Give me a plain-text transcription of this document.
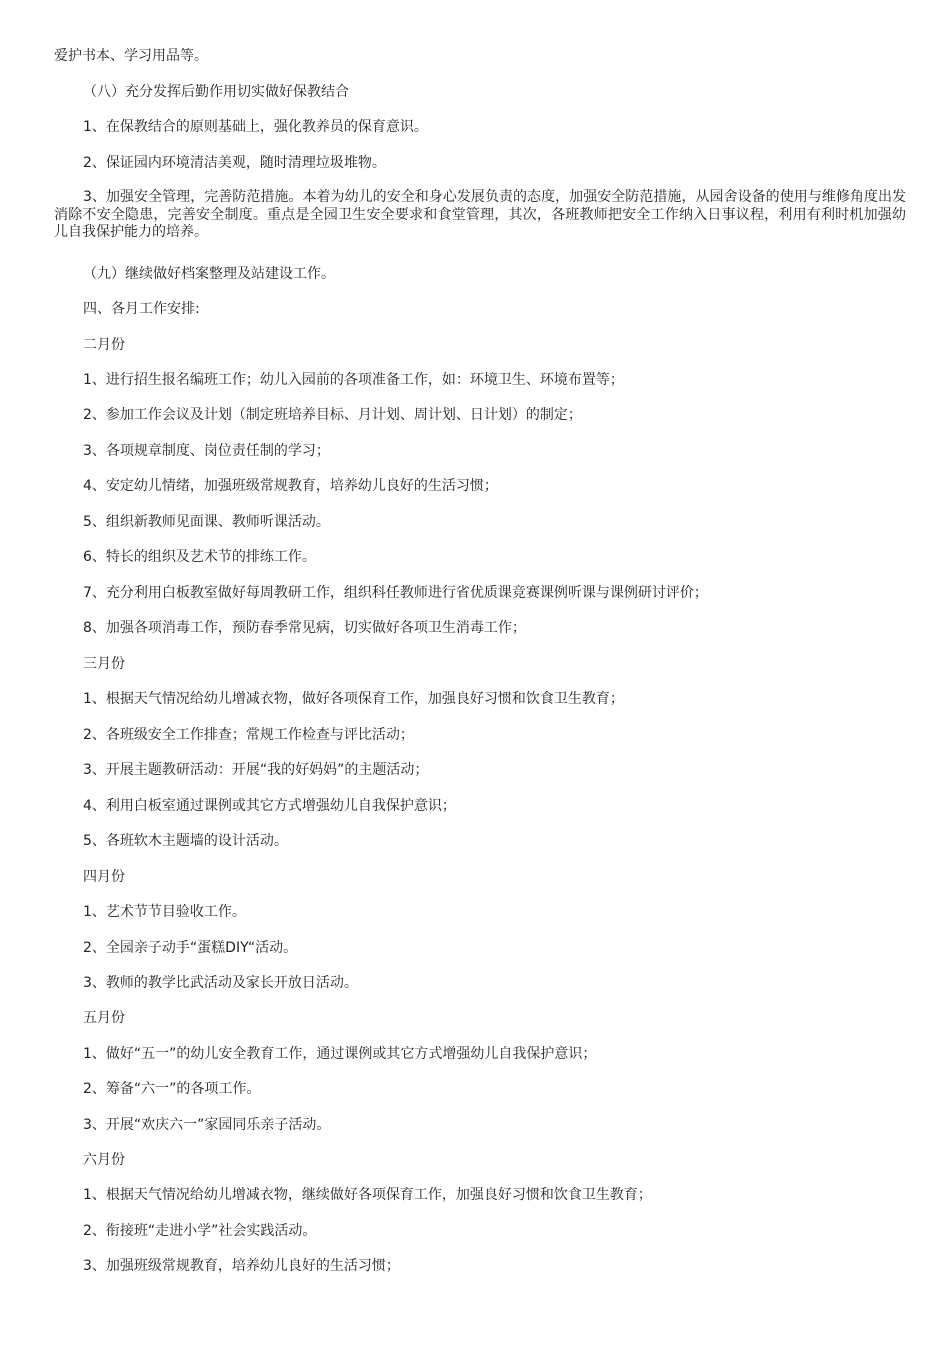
爱护书本、学习用品等。

（八）充分发挥后勤作用切实做好保教结合

1、在保教结合的原则基础上，强化教养员的保育意识。

2、保证园内环境清洁美观，随时清理垃圾堆物。

3、加强安全管理，完善防范措施。本着为幼儿的安全和身心发展负责的态度，加强安全防范措施，从园舍设备的使用与维修角度出发消除不安全隐患，完善安全制度。重点是全园卫生安全要求和食堂管理，其次，各班教师把安全工作纳入日事议程，利用有利时机加强幼儿自我保护能力的培养。

（九）继续做好档案整理及站建设工作。

四、各月工作安排:

二月份

1、进行招生报名编班工作；幼儿入园前的各项准备工作，如：环境卫生、环境布置等；

2、参加工作会议及计划（制定班培养目标、月计划、周计划、日计划）的制定；

3、各项规章制度、岗位责任制的学习；

4、安定幼儿情绪，加强班级常规教育，培养幼儿良好的生活习惯；

5、组织新教师见面课、教师听课活动。

6、特长的组织及艺术节的排练工作。

7、充分利用白板教室做好每周教研工作，组织科任教师进行省优质课竞赛课例听课与课例研讨评价；

8、加强各项消毒工作，预防春季常见病，切实做好各项卫生消毒工作；

三月份

1、根据天气情况给幼儿增减衣物，做好各项保育工作，加强良好习惯和饮食卫生教育；

2、各班级安全工作排查；常规工作检查与评比活动；

3、开展主题教研活动：开展“我的好妈妈”的主题活动；

4、利用白板室通过课例或其它方式增强幼儿自我保护意识；

5、各班软木主题墙的设计活动。

四月份

1、艺术节节目验收工作。

2、全园亲子动手“蛋糕DIY“活动。

3、教师的教学比武活动及家长开放日活动。

五月份

1、做好“五一”的幼儿安全教育工作，通过课例或其它方式增强幼儿自我保护意识；

2、筹备“六一”的各项工作。

3、开展“欢庆六一”家园同乐亲子活动。

六月份

1、根据天气情况给幼儿增减衣物，继续做好各项保育工作，加强良好习惯和饮食卫生教育；

2、衔接班“走进小学”社会实践活动。

3、加强班级常规教育，培养幼儿良好的生活习惯；
